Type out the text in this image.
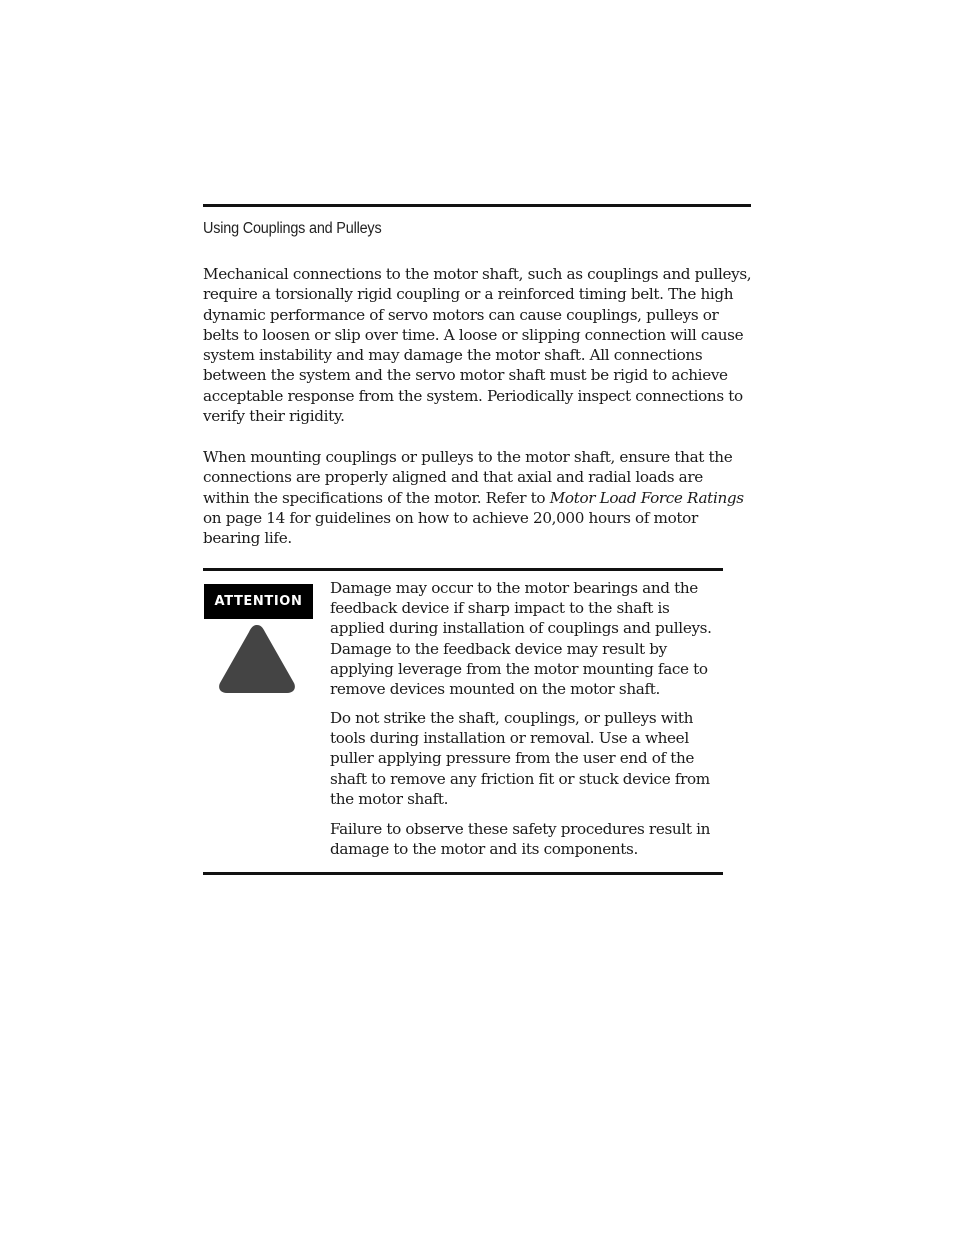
Using Couplings and Pulleys

Mechanical connections to the motor shaft, such as couplings and pulleys, require a torsionally rigid coupling or a reinforced timing belt. The high dynamic performance of servo motors can cause couplings, pulleys or belts to loosen or slip over time. A loose or slipping connection will cause system instability and may damage the motor shaft. All connections between the system and the servo motor shaft must be rigid to achieve acceptable response from the system. Periodically inspect connections to verify their rigidity.

When mounting couplings or pulleys to the motor shaft, ensure that the connections are properly aligned and that axial and radial loads are within the specifications of the motor. Refer to Motor Load Force Ratings on page 14 for guidelines on how to achieve 20,000 hours of motor bearing life.

ATTENTION

Damage may occur to the motor bearings and the feedback device if sharp impact to the shaft is applied during installation of couplings and pulleys. Damage to the feedback device may result by applying leverage from the motor mounting face to remove devices mounted on the motor shaft.

Do not strike the shaft, couplings, or pulleys with tools during installation or removal. Use a wheel puller applying pressure from the user end of the shaft to remove any friction fit or stuck device from the motor shaft.

Failure to observe these safety procedures result in damage to the motor and its components.
